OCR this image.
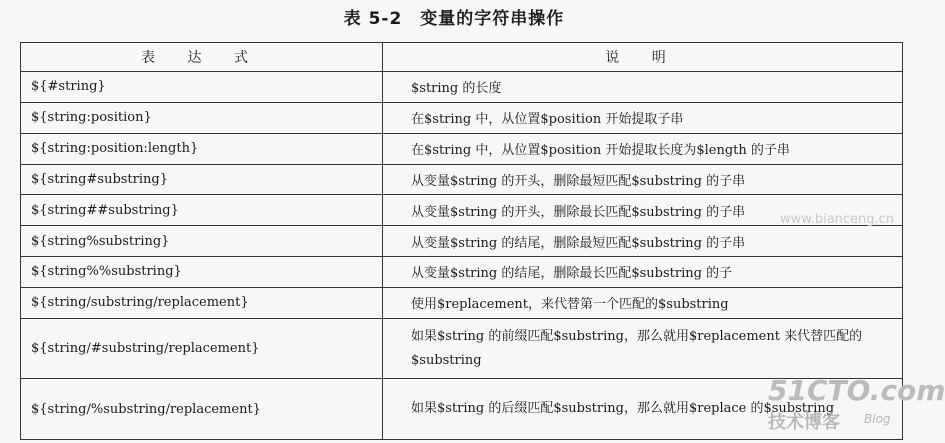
表 5-2　变量的字符串操作
表 达 式	说 明
${#string}	$string 的长度
${string:position}	在$string 中，从位置$position 开始提取子串
${string:position:length}	在$string 中，从位置$position 开始提取长度为$length 的子串
${string#substring}	从变量$string 的开头，删除最短匹配$substring 的子串
${string##substring}	从变量$string 的开头，删除最长匹配$substring 的子串
${string%substring}	从变量$string 的结尾，删除最短匹配$substring 的子串
${string%%substring}	从变量$string 的结尾，删除最长匹配$substring 的子
${string/substring/replacement}	使用$replacement，来代替第一个匹配的$substring
${string/#substring/replacement}	如果$string 的前缀匹配$substring，那么就用$replacement 来代替匹配的$substring

${string/%substring/replacement}	如果$string 的后缀匹配$substring，那么就用$replace 的$substring
www.bianceng.cn
51CTO.com
技术博客 Blog
